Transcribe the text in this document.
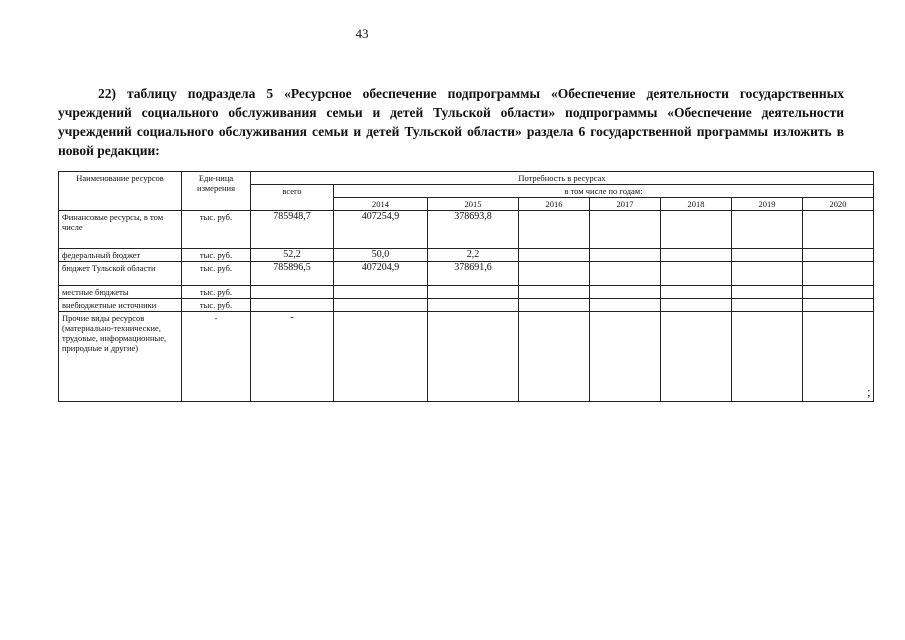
43

22) таблицу подраздела 5 «Ресурсное обеспечение подпрограммы «Обеспечение деятельности государственных учреждений социального обслуживания семьи и детей Тульской области» подпрограммы «Обеспечение деятельности учреждений социального обслуживания семьи и детей Тульской области» раздела 6 государственной программы изложить в новой редакции:

Наименование ресурсов	Еди-ница измерения	Потребность в ресурсах							
		всего	в том числе по годам:						
			2014	2015	2016	2017	2018	2019	2020
Финансовые ресурсы, в том числе	тыс. руб.	785948,7	407254,9	378693,8					
федеральный бюджет	тыс. руб.	52,2	50,0	2,2					
бюджет Тульской области	тыс. руб.	785896,5	407204,9	378691,6					
местные бюджеты	тыс. руб.								
внебюджетные источники	тыс. руб.								
Прочие виды ресурсов (материально-технические, трудовые, информационные, природные и другие)	-	-							
;
